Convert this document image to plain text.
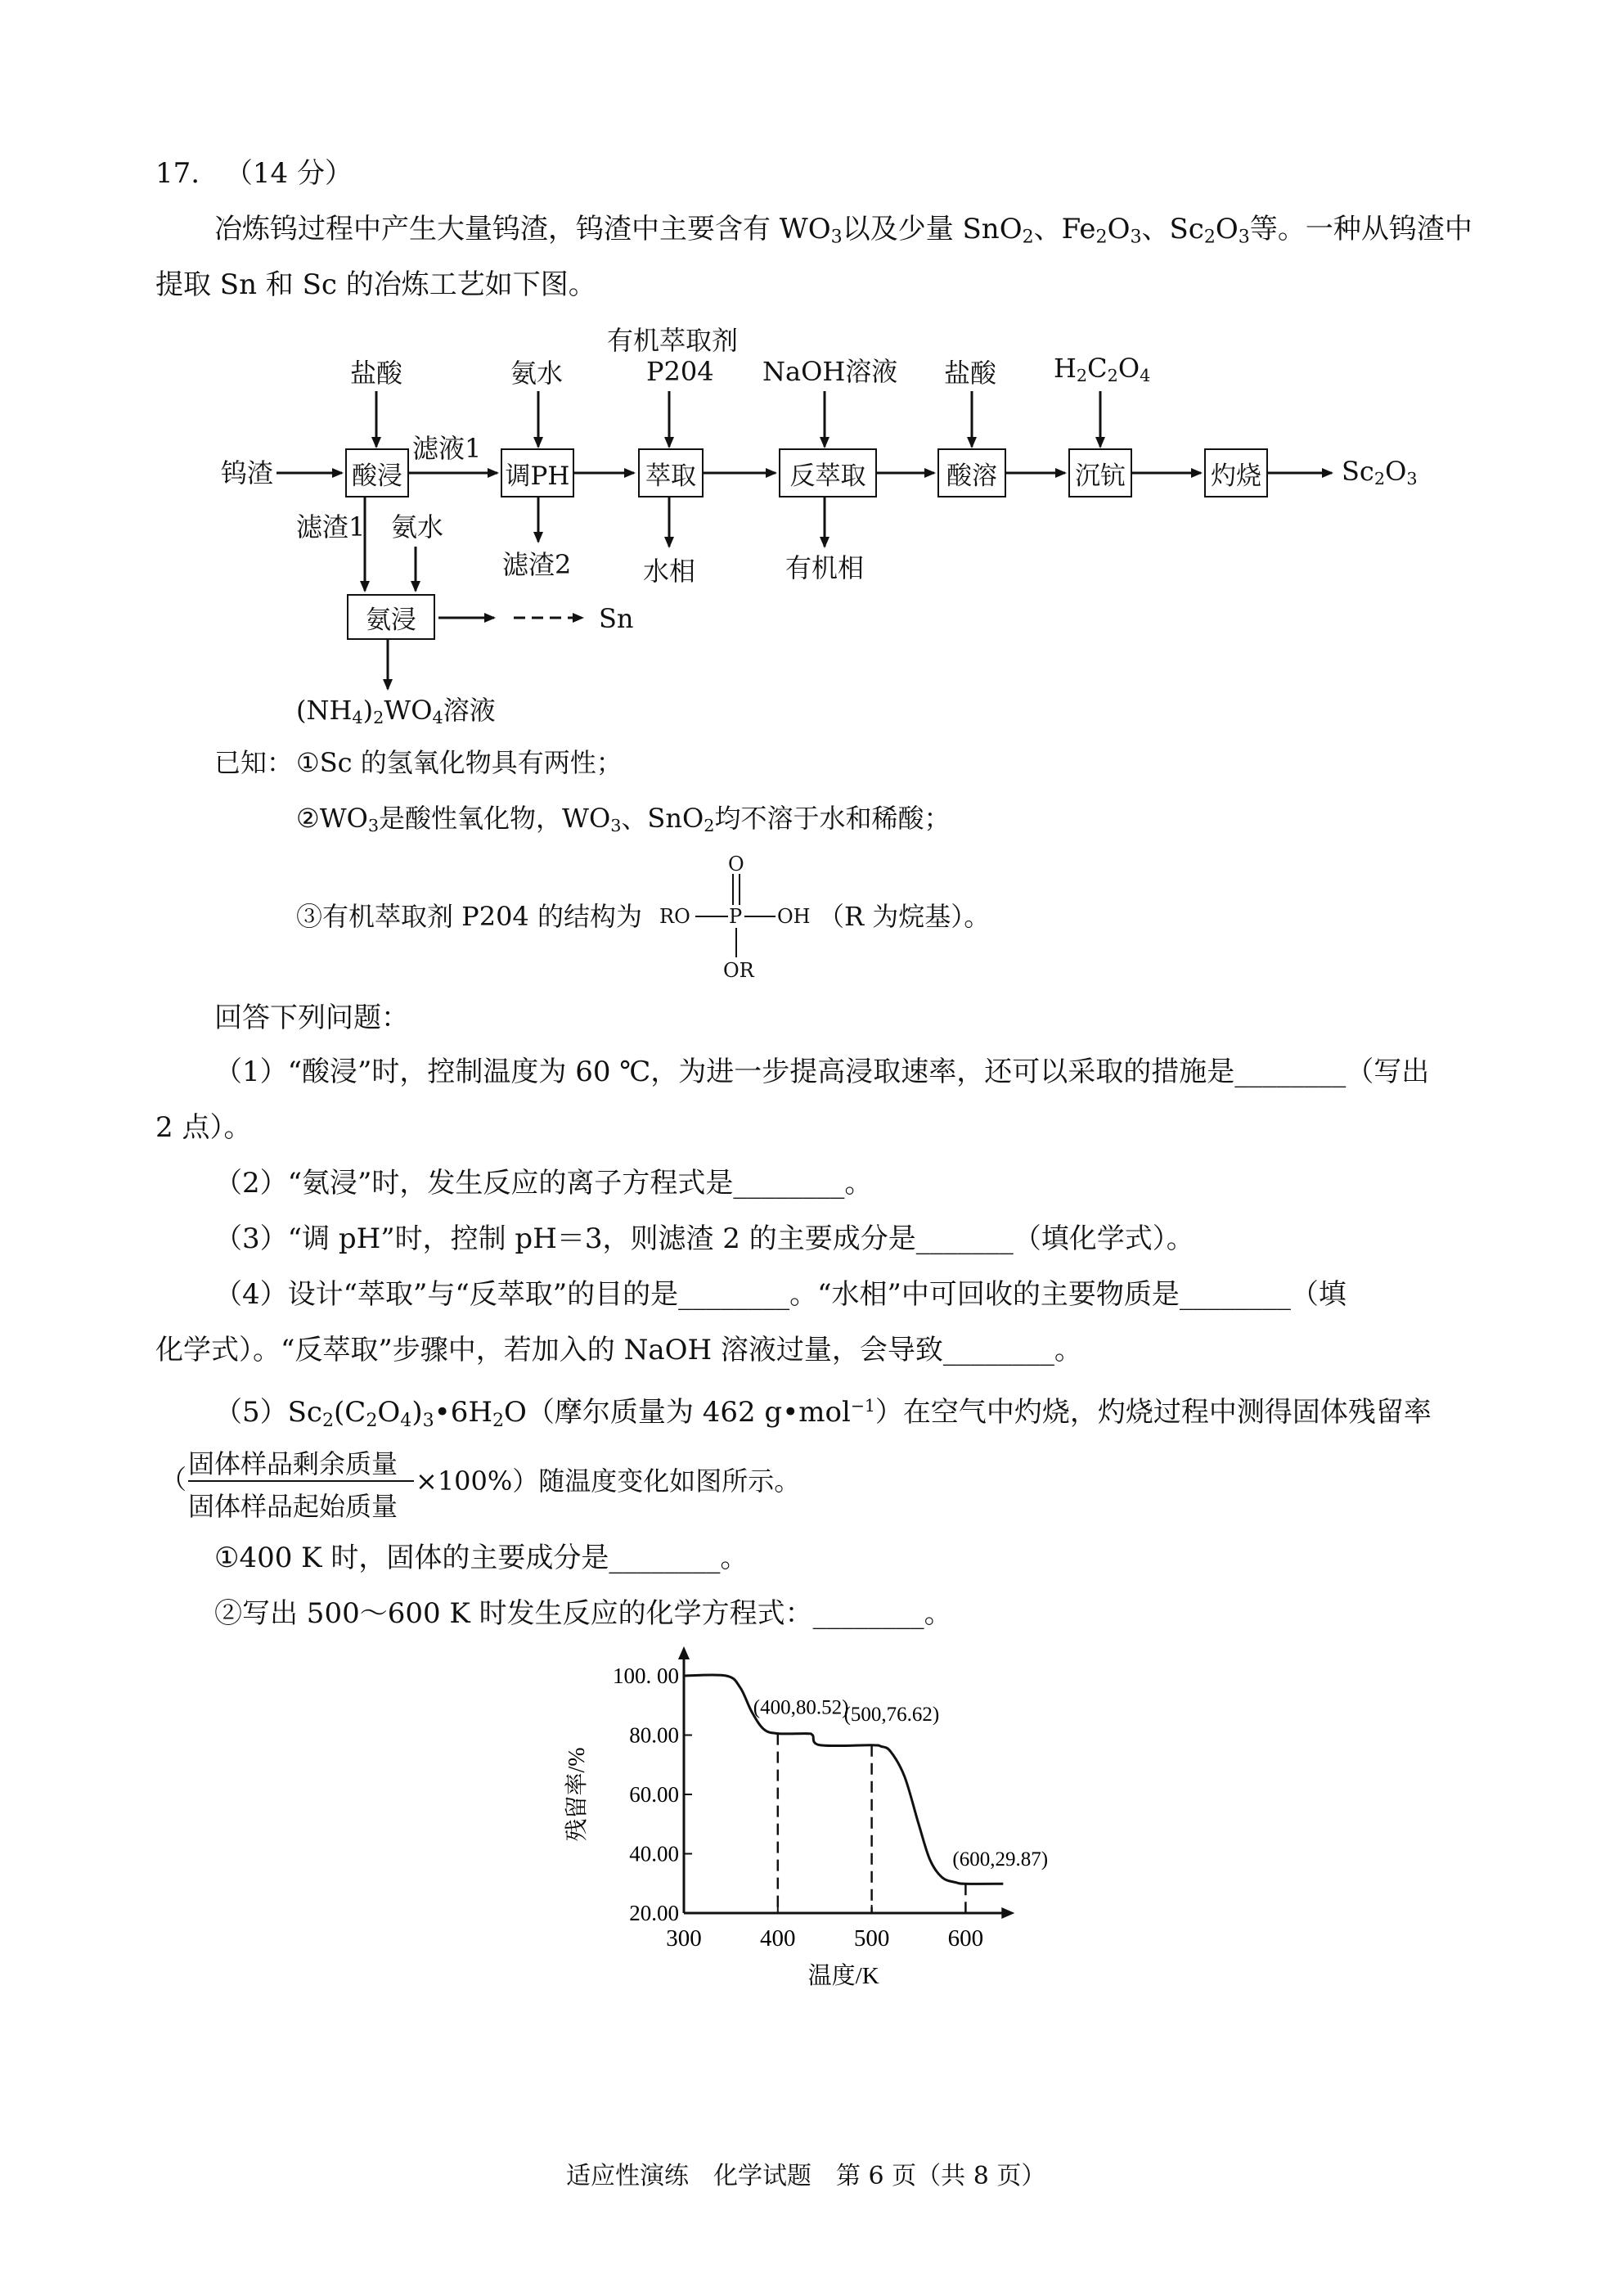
17. （14 分）
冶炼钨过程中产生大量钨渣，钨渣中主要含有 $WO_3$以及少量 SnO$_2$、$Fe_2O_3$、$Sc_2O_3$等。一种从钨渣中
提取 Sn 和 Sc 的冶炼工艺如下图。
酸浸	调PH	萃取	反萃取	酸溶	沉钪	灼烧
氨浸
钨渣	$Sc_2O_3$
盐酸	氨水
有机萃取剂
P204 NaOH溶液 盐酸 $H_2C_2O_4$
滤液1
滤渣1 氨水
滤渣2	水相	有机相
Sn
$(NH_4)_2WO_4$溶液
已知： ①Sc 的氢氧化物具有两性；
$②WO_3$是酸性氧化物，$WO_3$、SnO$_2$均不溶于水和稀酸；
③有机萃取剂 P204 的结构为
O
RO P OH
OR
（R 为烷基）。
回答下列问题：
（1）“酸浸”时，控制温度为 60 ℃，为进一步提高浸取速率，还可以采取的措施是________（写出
2 点）。
（2）“氨浸”时，发生反应的离子方程式是________。
（3）“调 pH”时，控制 pH＝3，则滤渣 2 的主要成分是_______（填化学式）。
（4）设计“萃取”与“反萃取”的目的是________。“水相”中可回收的主要物质是________（填
化学式）。“反萃取”步骤中，若加入的 NaOH 溶液过量，会导致________。
$(5)Sc_2(C_2O_4)_3•6H_2O$（摩尔质量为 462 g•mol$^{-1}$）在空气中灼烧，灼烧过程中测得固体残留率
（ 固体样品剩余质量
固体样品起始质量
×100%）随温度变化如图所示。
①400 K 时，固体的主要成分是________。
②写出 500～600 K 时发生反应的化学方程式：________。
20.00
40.00
60.00
80.00
100. 00
300 400 500 600
温度/K
残留率/%
(400,80.52)
(500,76.62)
(600,29.87)
适应性演练　化学试题　第 6 页（共 8 页）
